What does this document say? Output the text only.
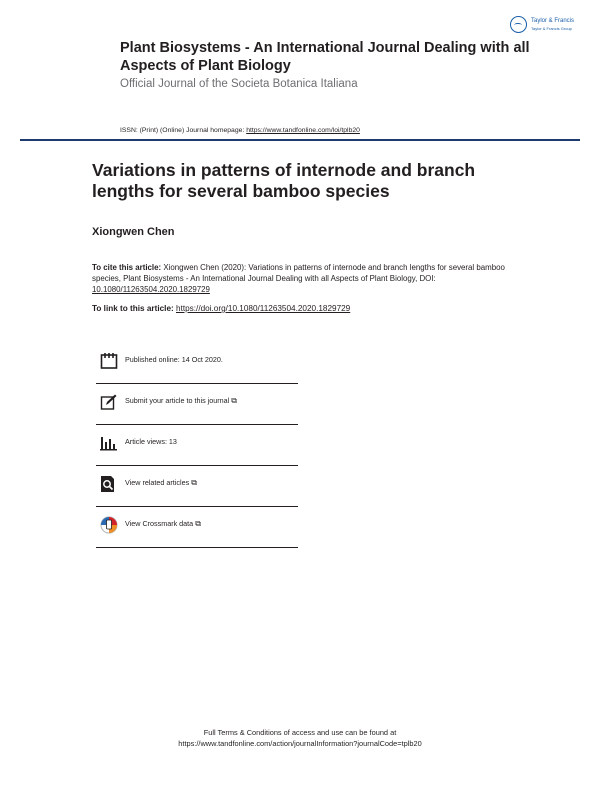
Taylor & Francis
Taylor & Francis Group
Plant Biosystems - An International Journal Dealing with all Aspects of Plant Biology
Official Journal of the Societa Botanica Italiana
ISSN: (Print) (Online) Journal homepage: https://www.tandfonline.com/loi/tplb20
Variations in patterns of internode and branch lengths for several bamboo species
Xiongwen Chen
To cite this article: Xiongwen Chen (2020): Variations in patterns of internode and branch lengths for several bamboo species, Plant Biosystems - An International Journal Dealing with all Aspects of Plant Biology, DOI: 10.1080/11263504.2020.1829729
To link to this article: https://doi.org/10.1080/11263504.2020.1829729
Published online: 14 Oct 2020.
Submit your article to this journal ⧉
Article views: 13
View related articles ⧉
View Crossmark data ⧉
Full Terms & Conditions of access and use can be found at
https://www.tandfonline.com/action/journalInformation?journalCode=tplb20
